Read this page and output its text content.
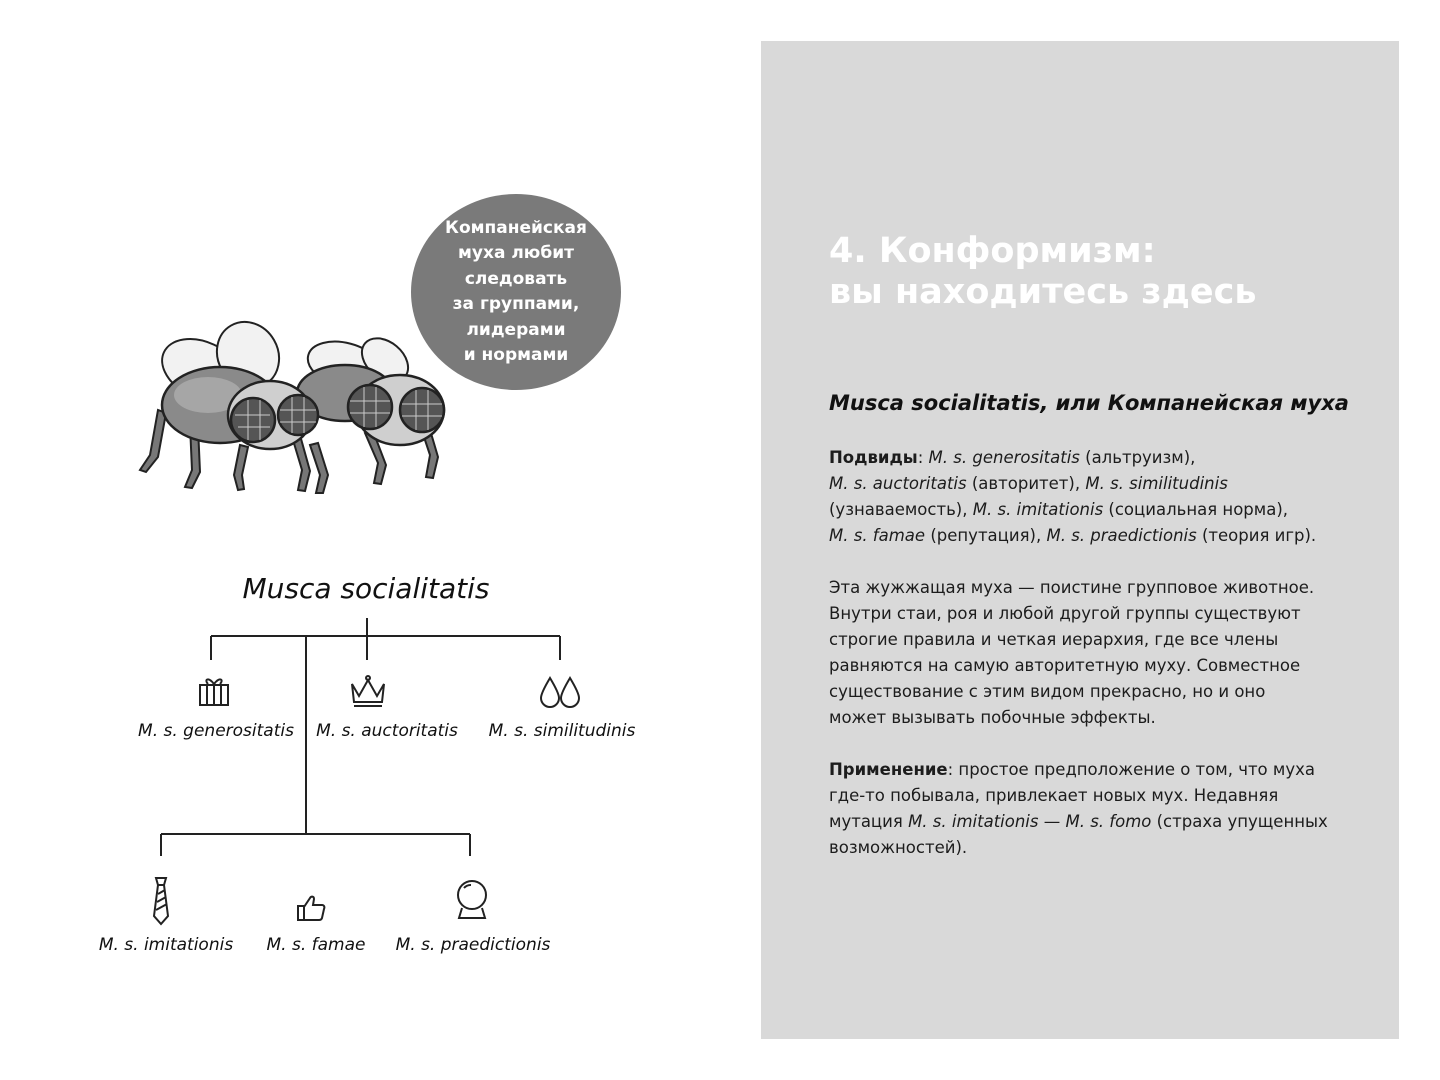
Компанейская
муха любит
следовать
за группами,
лидерами
и нормами
Musca socialitatis
M. s. generositatis	M. s. auctoritatis	M. s. similitudinis
M. s. imitationis	M. s. famae	M. s. praedictionis
4. Конформизм:
вы находитесь здесь
Musca socialitatis, или Компанейская муха
Подвиды: M. s. generositatis (альтруизм),
M. s. auctoritatis (авторитет), M. s. similitudinis
(узнаваемость), M. s. imitationis (социальная норма),
M. s. famae (репутация), M. s. praedictionis (теория игр).
Эта жужжащая муха — поистине групповое животное.
Внутри стаи, роя и любой другой группы существуют
строгие правила и четкая иерархия, где все члены
равняются на самую авторитетную муху. Совместное
существование с этим видом прекрасно, но и оно
может вызывать побочные эффекты.
Применение: простое предположение о том, что муха
где-то побывала, привлекает новых мух. Недавняя
мутация M. s. imitationis — M. s. fomo (страха упущенных
возможностей).
